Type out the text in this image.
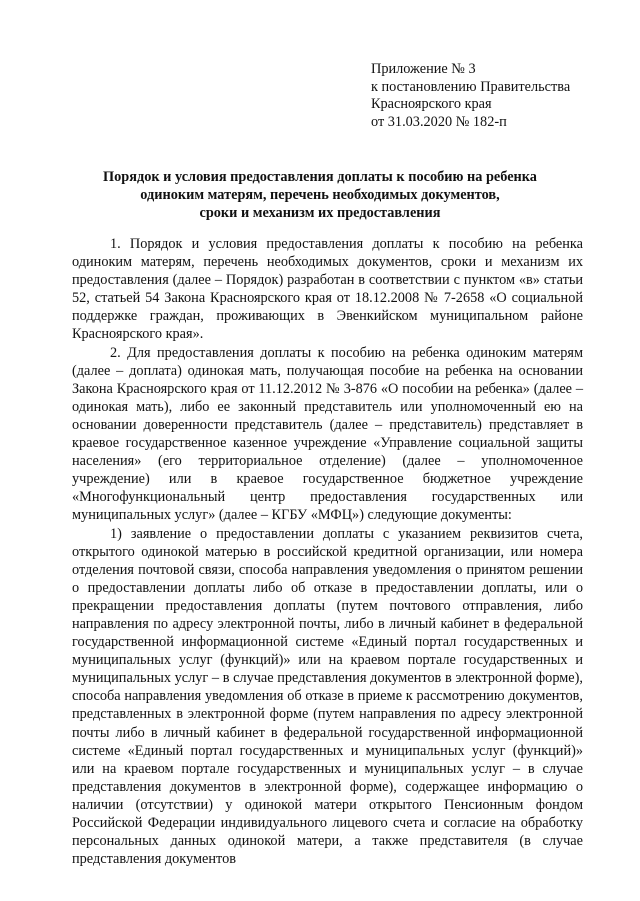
Приложение № 3
к постановлению Правительства
Красноярского края
от 31.03.2020 № 182-п
Порядок и условия предоставления доплаты к пособию на ребенка
одиноким матерям, перечень необходимых документов,
сроки и механизм их предоставления

1. Порядок и условия предоставления доплаты к пособию на ребенка одиноким матерям, перечень необходимых документов, сроки и механизм их предоставления (далее – Порядок) разработан в соответствии с пунктом «в» статьи 52, статьей 54 Закона Красноярского края от 18.12.2008 № 7-2658 «О социальной поддержке граждан, проживающих в Эвенкийском муниципальном районе Красноярского края».

2. Для предоставления доплаты к пособию на ребенка одиноким матерям (далее – доплата) одинокая мать, получающая пособие на ребенка на основании Закона Красноярского края от 11.12.2012 № 3-876 «О пособии на ребенка» (далее – одинокая мать), либо ее законный представитель или уполномоченный ею на основании доверенности представитель (далее – представитель) представляет в краевое государственное казенное учреждение «Управление социальной защиты населения» (его территориальное отделение) (далее – уполномоченное учреждение) или в краевое государственное бюджетное учреждение «Многофункциональный центр предоставления государственных или муниципальных услуг» (далее – КГБУ «МФЦ») следующие документы:

1) заявление о предоставлении доплаты с указанием реквизитов счета, открытого одинокой матерью в российской кредитной организации, или номера отделения почтовой связи, способа направления уведомления о принятом решении о предоставлении доплаты либо об отказе в предоставлении доплаты, или о прекращении предоставления доплаты (путем почтового отправления, либо направления по адресу электронной почты, либо в личный кабинет в федеральной государственной информационной системе «Единый портал государственных и муниципальных услуг (функций)» или на краевом портале государственных и муниципальных услуг – в случае представления документов в электронной форме), способа направления уведомления об отказе в приеме к рассмотрению документов, представленных в электронной форме (путем направления по адресу электронной почты либо в личный кабинет в федеральной государственной информационной системе «Единый портал государственных и муниципальных услуг (функций)» или на краевом портале государственных и муниципальных услуг – в случае представления документов в электронной форме), содержащее информацию о наличии (отсутствии) у одинокой матери открытого Пенсионным фондом Российской Федерации индивидуального лицевого счета и согласие на обработку персональных данных одинокой матери, а также представителя (в случае представления документов
